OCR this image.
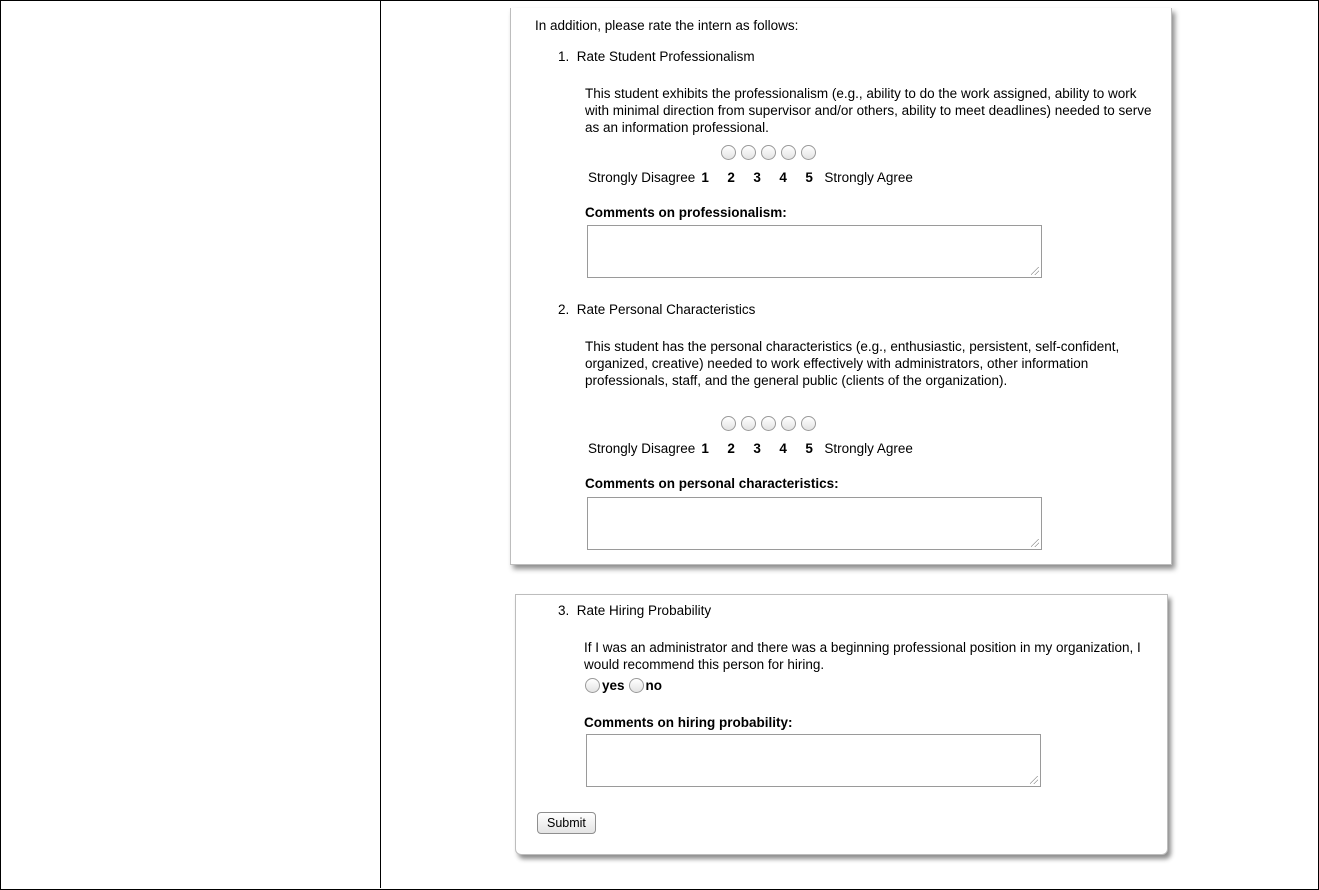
In addition, please rate the intern as follows:
1. Rate Student Professionalism
This student exhibits the professionalism (e.g., ability to do the work assigned, ability to work with minimal direction from supervisor and/or others, ability to meet deadlines) needed to serve as an information professional.
Strongly Disagree 1	2	3	4	5 Strongly Agree
Comments on professionalism:
2. Rate Personal Characteristics
This student has the personal characteristics (e.g., enthusiastic, persistent, self-confident, organized, creative) needed to work effectively with administrators, other information professionals, staff, and the general public (clients of the organization).
Strongly Disagree 1	2	3	4	5 Strongly Agree
Comments on personal characteristics:
3. Rate Hiring Probability
If I was an administrator and there was a beginning professional position in my organization, I would recommend this person for hiring.
yes no
Comments on hiring probability:
Submit
